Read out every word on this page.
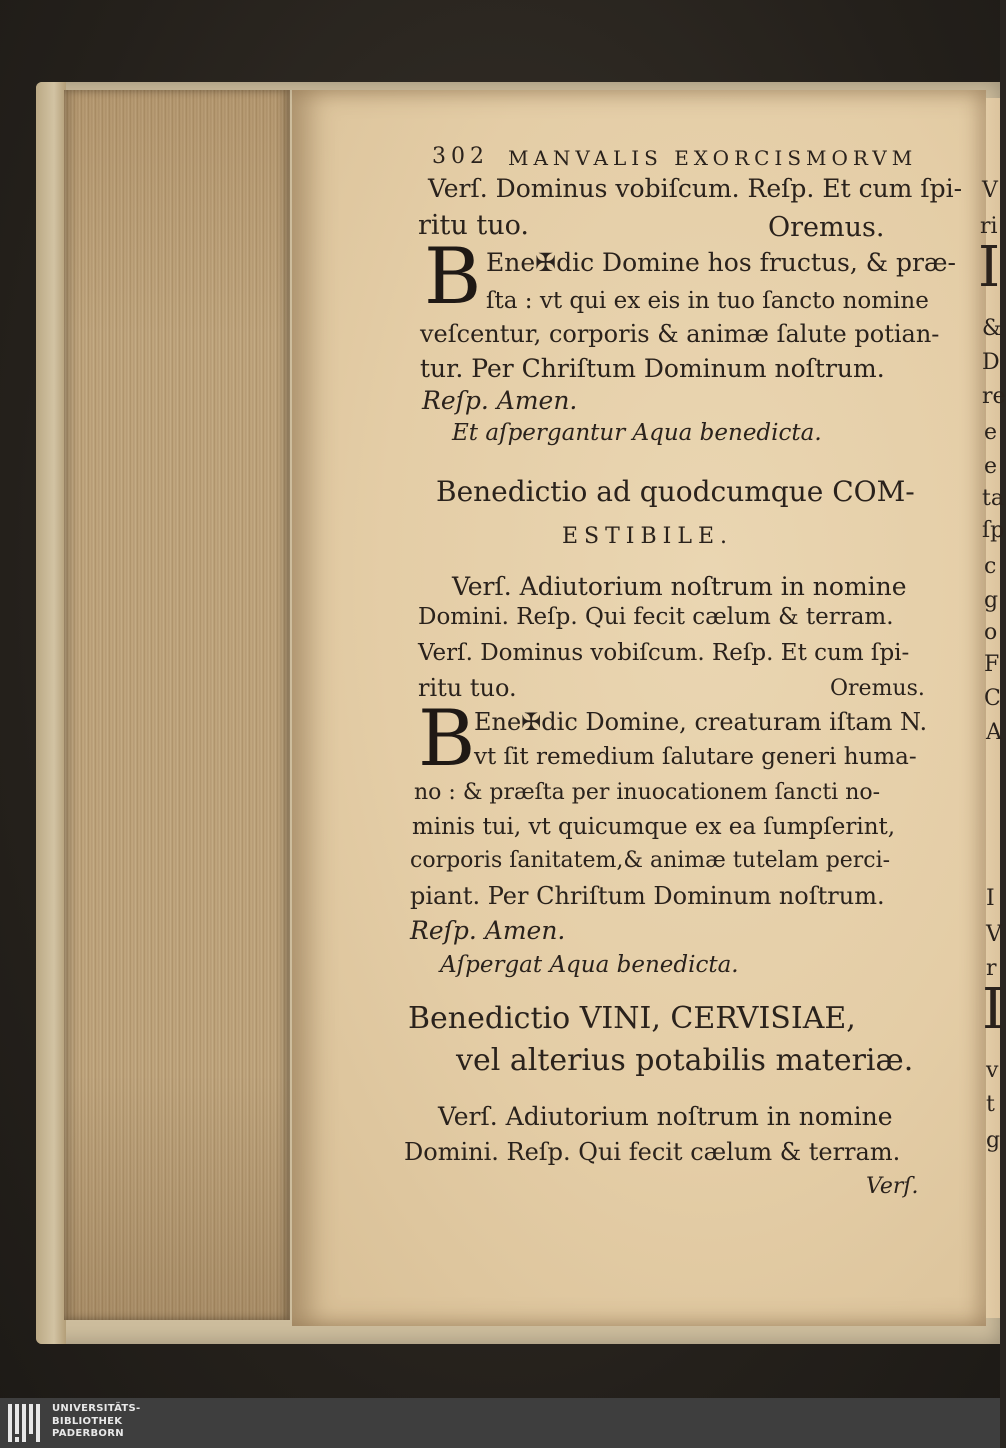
302 MANVALIS EXORCISMORVM
Verſ. Dominus vobiſcum. Reſp. Et cum ſpi-
ritu tuo.	Oremus.
B Ene✠dic Domine hos fructus, & præ-
ſta : vt qui ex eis in tuo ſancto nomine
veſcentur, corporis & animæ ſalute potian-
tur. Per Chriſtum Dominum noſtrum.
Reſp. Amen.
Et aſpergantur Aqua benedicta.
Benedictio ad quodcumque COM-
ESTIBILE.
Verſ. Adiutorium noſtrum in nomine
Domini. Reſp. Qui fecit cælum & terram.
Verſ. Dominus vobiſcum. Reſp. Et cum ſpi-
ritu tuo.	Oremus.
B
Ene✠dic Domine, creaturam iſtam N.
vt ſit remedium ſalutare generi huma-
no : & præſta per inuocationem ſancti no-
minis tui, vt quicumque ex ea ſumpſerint,
corporis ſanitatem,& animæ tutelam perci-
piant. Per Chriſtum Dominum noſtrum.
Reſp. Amen.
Aſpergat Aqua benedicta.
Benedictio VINI, CERVISIAE,
vel alterius potabilis materiæ.
Verſ. Adiutorium noſtrum in nomine
Domini. Reſp. Qui fecit cælum & terram.
Verſ.
V
ri
I
&
D
re
e
e
ta
ſp
c
g
o
F
C
A
I
V
r
I
v
t
g
UNIVERSITÄTS-
BIBLIOTHEK
PADERBORN
